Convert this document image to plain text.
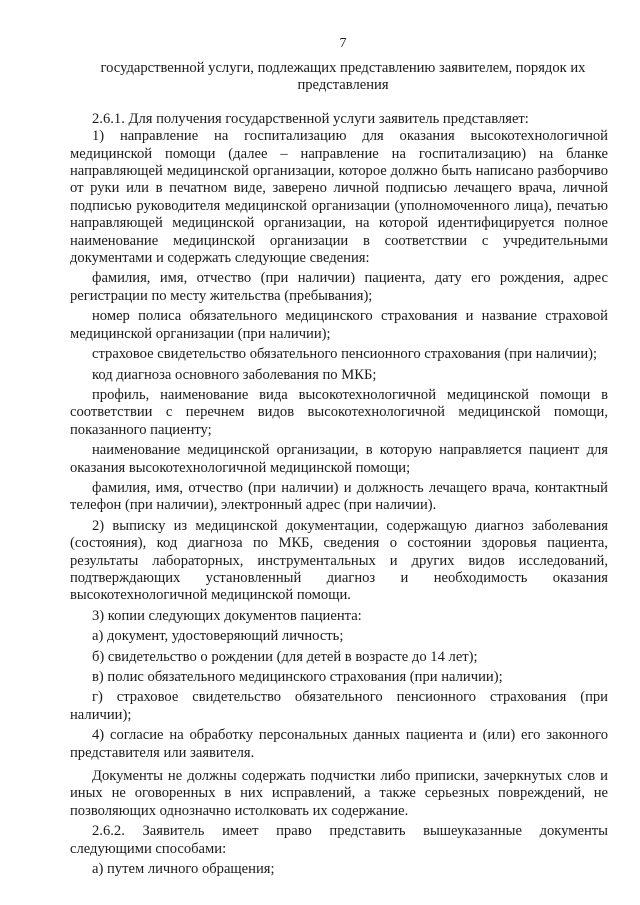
7
государственной услуги, подлежащих представлению заявителем, порядок их представления

2.6.1. Для получения государственной услуги заявитель представляет:

1) направление на госпитализацию для оказания высокотехнологичной медицинской помощи (далее – направление на госпитализацию) на бланке направляющей медицинской организации, которое должно быть написано разборчиво от руки или в печатном виде, заверено личной подписью лечащего врача, личной подписью руководителя медицинской организации (уполномоченного лица), печатью направляющей медицинской организации, на которой идентифицируется полное наименование медицинской организации в соответствии с учредительными документами и содержать следующие сведения:

фамилия, имя, отчество (при наличии) пациента, дату его рождения, адрес регистрации по месту жительства (пребывания);

номер полиса обязательного медицинского страхования и название страховой медицинской организации (при наличии);

страховое свидетельство обязательного пенсионного страхования (при наличии);

код диагноза основного заболевания по МКБ;

профиль, наименование вида высокотехнологичной медицинской помощи в соответствии с перечнем видов высокотехнологичной медицинской помощи, показанного пациенту;

наименование медицинской организации, в которую направляется пациент для оказания высокотехнологичной медицинской помощи;

фамилия, имя, отчество (при наличии) и должность лечащего врача, контактный телефон (при наличии), электронный адрес (при наличии).

2) выписку из медицинской документации, содержащую диагноз заболевания (состояния), код диагноза по МКБ, сведения о состоянии здоровья пациента, результаты лабораторных, инструментальных и других видов исследований, подтверждающих установленный диагноз и необходимость оказания высокотехнологичной медицинской помощи.

3) копии следующих документов пациента:

а) документ, удостоверяющий личность;

б) свидетельство о рождении (для детей в возрасте до 14 лет);

в) полис обязательного медицинского страхования (при наличии);

г) страховое свидетельство обязательного пенсионного страхования (при наличии);

4) согласие на обработку персональных данных пациента и (или) его законного представителя или заявителя.

Документы не должны содержать подчистки либо приписки, зачеркнутых слов и иных не оговоренных в них исправлений, а также серьезных повреждений, не позволяющих однозначно истолковать их содержание.

2.6.2. Заявитель имеет право представить вышеуказанные документы следующими способами:

а) путем личного обращения;
